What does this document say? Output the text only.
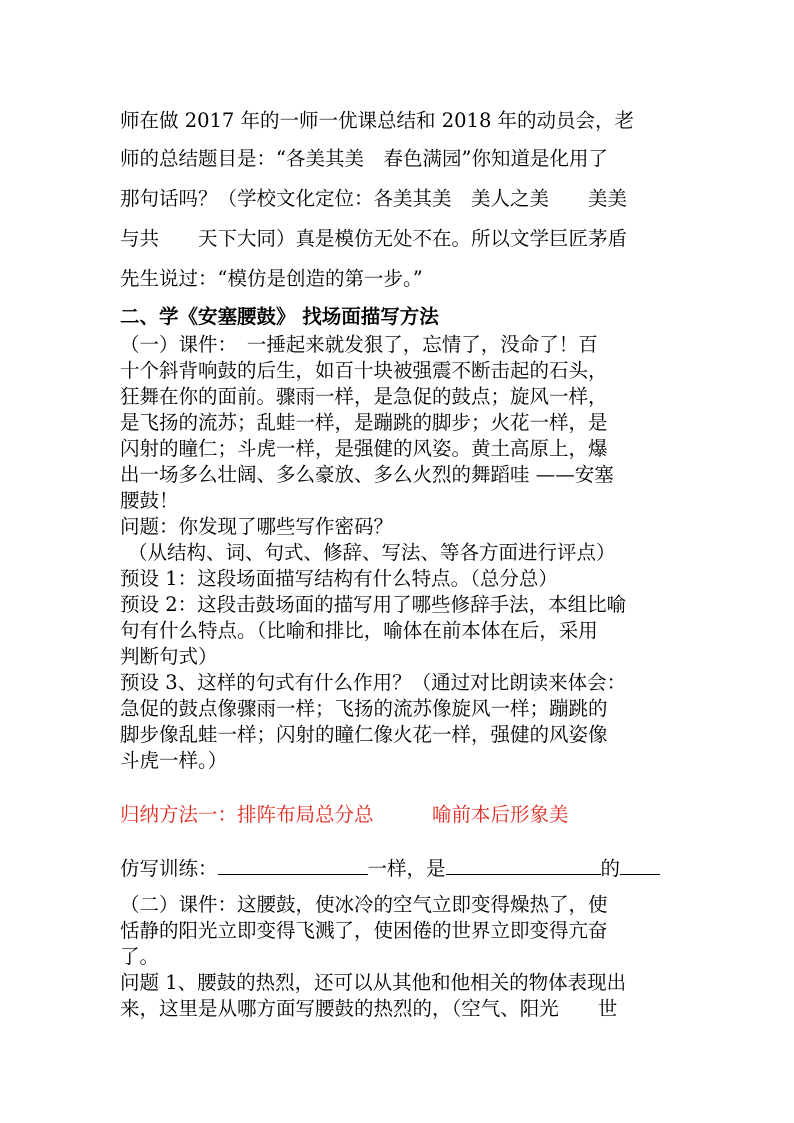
师在做 2017 年的一师一优课总结和 2018 年的动员会，老
师的总结题目是：“各美其美　春色满园”你知道是化用了
那句话吗？（学校文化定位：各美其美　美人之美　　美美
与共　　天下大同）真是模仿无处不在。所以文学巨匠茅盾
先生说过：“模仿是创造的第一步。”
二、学《安塞腰鼓》 找场面描写方法
（一）课件：　一捶起来就发狠了，忘情了，没命了！百
十个斜背响鼓的后生，如百十块被强震不断击起的石头，
狂舞在你的面前。骤雨一样，是急促的鼓点；旋风一样，
是飞扬的流苏；乱蛙一样，是蹦跳的脚步；火花一样，是
闪射的瞳仁；斗虎一样，是强健的风姿。黄土高原上，爆
出一场多么壮阔、多么豪放、多么火烈的舞蹈哇 ——安塞
腰鼓！
问题：你发现了哪些写作密码？
（从结构、词、句式、修辞、写法、等各方面进行评点）
预设 1：这段场面描写结构有什么特点。（总分总）
预设 2：这段击鼓场面的描写用了哪些修辞手法，本组比喻
句有什么特点。（比喻和排比，喻体在前本体在后，采用
判断句式）
预设 3、这样的句式有什么作用？（通过对比朗读来体会：
急促的鼓点像骤雨一样；飞扬的流苏像旋风一样；蹦跳的
脚步像乱蛙一样；闪射的瞳仁像火花一样，强健的风姿像
斗虎一样。）
归纳方法一：排阵布局总分总　　　喻前本后形象美
仿写训练：	一样，是	的
（二）课件：这腰鼓，使冰冷的空气立即变得燥热了，使
恬静的阳光立即变得飞溅了，使困倦的世界立即变得亢奋
了。
问题 1、腰鼓的热烈，还可以从其他和他相关的物体表现出
来，这里是从哪方面写腰鼓的热烈的，（空气、阳光　　世
